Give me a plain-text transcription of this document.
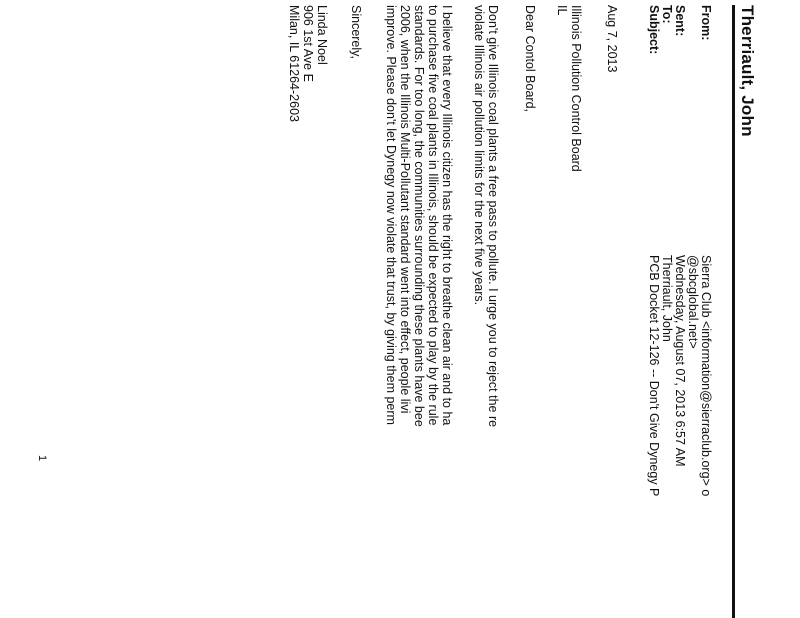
Therriault, John
From:
Sierra Club <information@sierraclub.org> o
@sbcglobal.net>
Sent:
Wednesday, August 07, 2013 6:57 AM
To:
Therriault, John
Subject:
PCB Docket 12-126 -- Don't Give Dynegy P
Aug 7, 2013
Illinois Pollution Control Board
IL
Dear Contol Board,
Don't give Illinois coal plants a free pass to pollute. I urge you to reject the re
violate Illinois air pollution limits for the next five years.
I believe that every Illinois citizen has the right to breathe clean air and to ha
to purchase five coal plants in Illinois, should be expected to play by the rule
standards. For too long, the communities surrounding these plants have bee
2006, when the Illinois Multi-Pollutant standard went into effect, people livi
improve. Please don't let Dynegy now violate that trust, by giving them perm
Sincerely,
Linda Noel
906 1st Ave E
Milan, IL 61264-2603
1
